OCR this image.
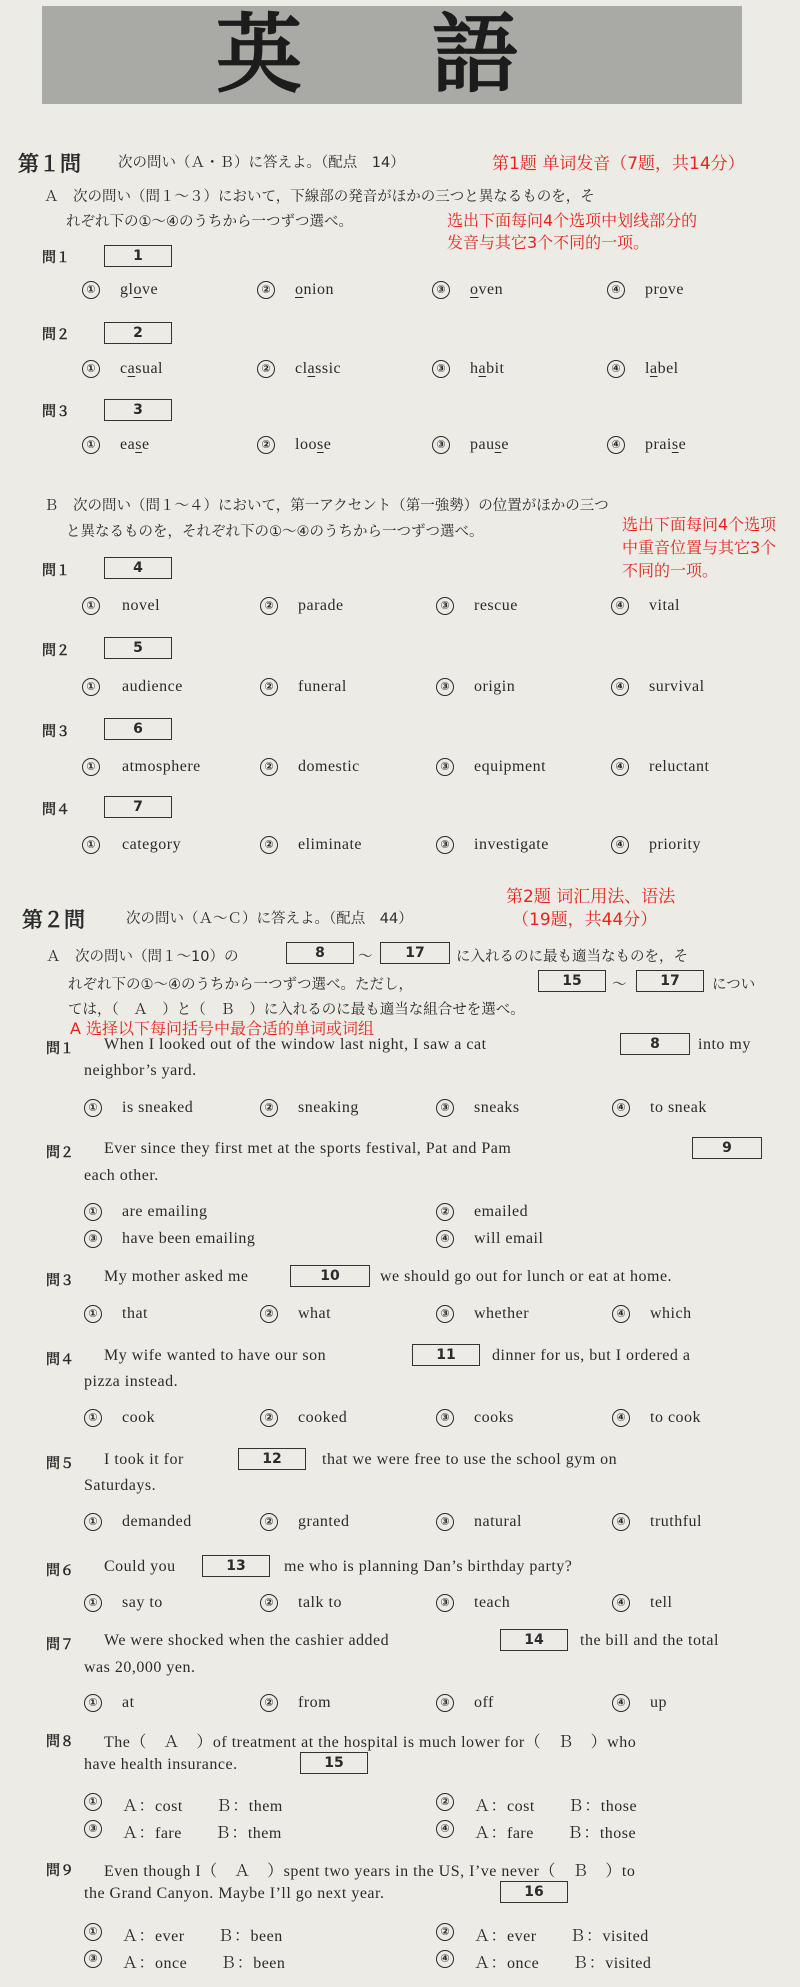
英 語
第１問	次の問い（Ａ・Ｂ）に答えよ。（配点　14）	第1题 单词发音（7题，共14分）
Ａ　次の問い（問１～３）において，下線部の発音がほかの三つと異なるものを，そ
れぞれ下の①～④のうちから一つずつ選べ。	选出下面每问4个选项中划线部分的
发音与其它3个不同的一项。
問１	1
① glove	② onion	③ oven	④ prove
問２	2
① casual	② classic	③ habit	④ label
問３	3
① ease	② loose	③ pause	④ praise
Ｂ　次の問い（問１～４）において，第一アクセント（第一強勢）の位置がほかの三つ
と異なるものを，それぞれ下の①～④のうちから一つずつ選べ。	选出下面每问4个选项
中重音位置与其它3个
不同的一项。
問１	4
① novel	② parade	③ rescue	④ vital
問２	5
① audience	② funeral	③ origin	④ survival
問３	6
① atmosphere	② domestic	③ equipment	④ reluctant
問４	7
① category	② eliminate	③ investigate	④ priority
第2题 词汇用法、语法
（19题，共44分）
第２問	次の問い（Ａ～Ｃ）に答えよ。（配点　44）
Ａ　次の問い（問１～10）の	8	～	17	に入れるのに最も適当なものを，そ
れぞれ下の①～④のうちから一つずつ選べ。ただし，	15	～	17	につい
ては，（　Ａ　）と（　Ｂ　）に入れるのに最も適当な組合せを選べ。
A 选择以下每问括号中最合适的单词或词组
問１ When I looked out of the window last night, I saw a cat	8	into my
neighbor’s yard.
① is sneaked	② sneaking	③ sneaks	④ to sneak
問２ Ever since they first met at the sports festival, Pat and Pam	9
each other.
① are emailing	② emailed
③ have been emailing	④ will email
問３ My mother asked me	10	we should go out for lunch or eat at home.
① that	② what	③ whether	④ which
問４ My wife wanted to have our son	11	dinner for us, but I ordered a
pizza instead.
① cook	② cooked	③ cooks	④ to cook
問５ I took it for	12	that we were free to use the school gym on
Saturdays.
① demanded	② granted	③ natural	④ truthful
問６ Could you	13	me who is planning Dan’s birthday party?
① say to	② talk to	③ teach	④ tell
問７ We were shocked when the cashier added	14	the bill and the total
was 20,000 yen.
① at	② from	③ off	④ up
問８ The（　Ａ　）of treatment at the hospital is much lower for（　Ｂ　）who
have health insurance.	15
① Ａ：cost　　Ｂ：them	② Ａ：cost　　Ｂ：those
③ Ａ：fare　　Ｂ：them	④ Ａ：fare　　Ｂ：those
問９ Even though I（　Ａ　）spent two years in the US, I’ve never（　Ｂ　）to
the Grand Canyon. Maybe I’ll go next year.	16
① Ａ：ever　　Ｂ：been	② Ａ：ever　　Ｂ：visited
③ Ａ：once　　Ｂ：been	④ Ａ：once　　Ｂ：visited
